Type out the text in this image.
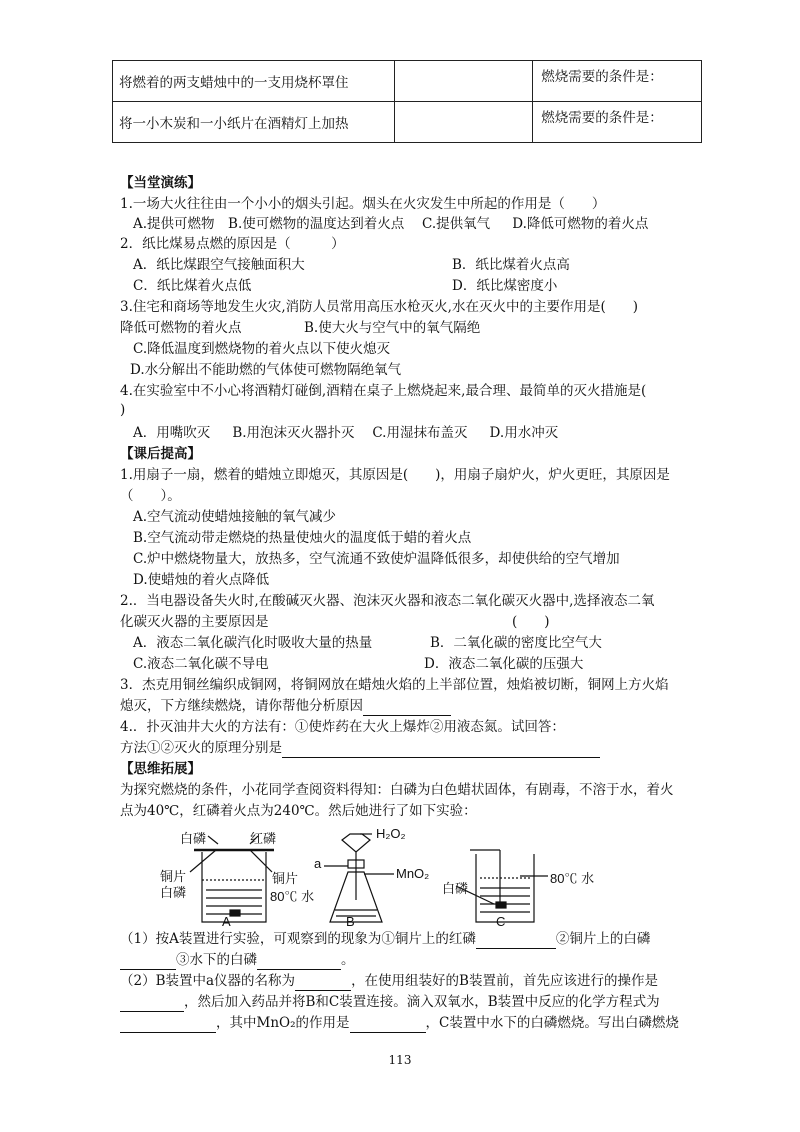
将燃着的两支蜡烛中的一支用烧杯罩住		燃烧需要的条件是：
将一小木炭和一小纸片在酒精灯上加热		燃烧需要的条件是：
【当堂演练】
1.一场大火往往由一个小小的烟头引起。烟头在火灾发生中所起的作用是（　　）
A.提供可燃物　B.使可燃物的温度达到着火点　 C.提供氧气 　 D.降低可燃物的着火点
2．纸比煤易点燃的原因是（　　　）
A．纸比煤跟空气接触面积大	B．纸比煤着火点高
C．纸比煤着火点低	D．纸比煤密度小
3.住宅和商场等地发生火灾,消防人员常用高压水枪灭火,水在灭火中的主要作用是(　　)
降低可燃物的着火点	B.使大火与空气中的氧气隔绝
C.降低温度到燃烧物的着火点以下使火熄灭
D.水分解出不能助燃的气体使可燃物隔绝氧气
4.在实验室中不小心将酒精灯碰倒,酒精在桌子上燃烧起来,最合理、最简单的灭火措施是(
)
A．用嘴吹灭 　 B.用泡沫灭火器扑灭 　C.用湿抹布盖灭 　 D.用水冲灭
【课后提高】
1.用扇子一扇，燃着的蜡烛立即熄灭，其原因是(　　)，用扇子扇炉火，炉火更旺，其原因是
（　　）。
A.空气流动使蜡烛接触的氧气减少
B.空气流动带走燃烧的热量使烛火的温度低于蜡的着火点
C.炉中燃烧物量大，放热多，空气流通不致使炉温降低很多，却使供给的空气增加
D.使蜡烛的着火点降低
2.．当电器设备失火时,在酸碱灭火器、泡沫灭火器和液态二氧化碳灭火器中,选择液态二氧
化碳灭火器的主要原因是	(　　)
A．液态二氧化碳汽化时吸收大量的热量	B．二氧化碳的密度比空气大
C.液态二氧化碳不导电	D．液态二氧化碳的压强大
3．杰克用铜丝编织成铜网，将铜网放在蜡烛火焰的上半部位置，烛焰被切断，铜网上方火焰
熄灭，下方继续燃烧，请你帮他分析原因
4.．扑灭油井大火的方法有：①使炸药在大火上爆炸②用液态氮。试回答：
方法①②灭火的原理分别是
【思维拓展】
为探究燃烧的条件，小花同学查阅资料得知：白磷为白色蜡状固体，有剧毒，不溶于水，着火
点为40℃，红磷着火点为240℃。然后她进行了如下实验：
白磷	红磷
铜片
白磷
铜片
80℃ 水
H₂O₂
a
MnO₂	80℃ 水
白磷
A	B	C
（1）按A装置进行实验，可观察到的现象为①铜片上的红磷	②铜片上的白磷
③水下的白磷	。
（2）B装置中a仪器的名称为	，在使用组装好的B装置前，首先应该进行的操作是
，然后加入药品并将B和C装置连接。滴入双氧水，B装置中反应的化学方程式为
，其中MnO₂的作用是	，C装置中水下的白磷燃烧。写出白磷燃烧
113
